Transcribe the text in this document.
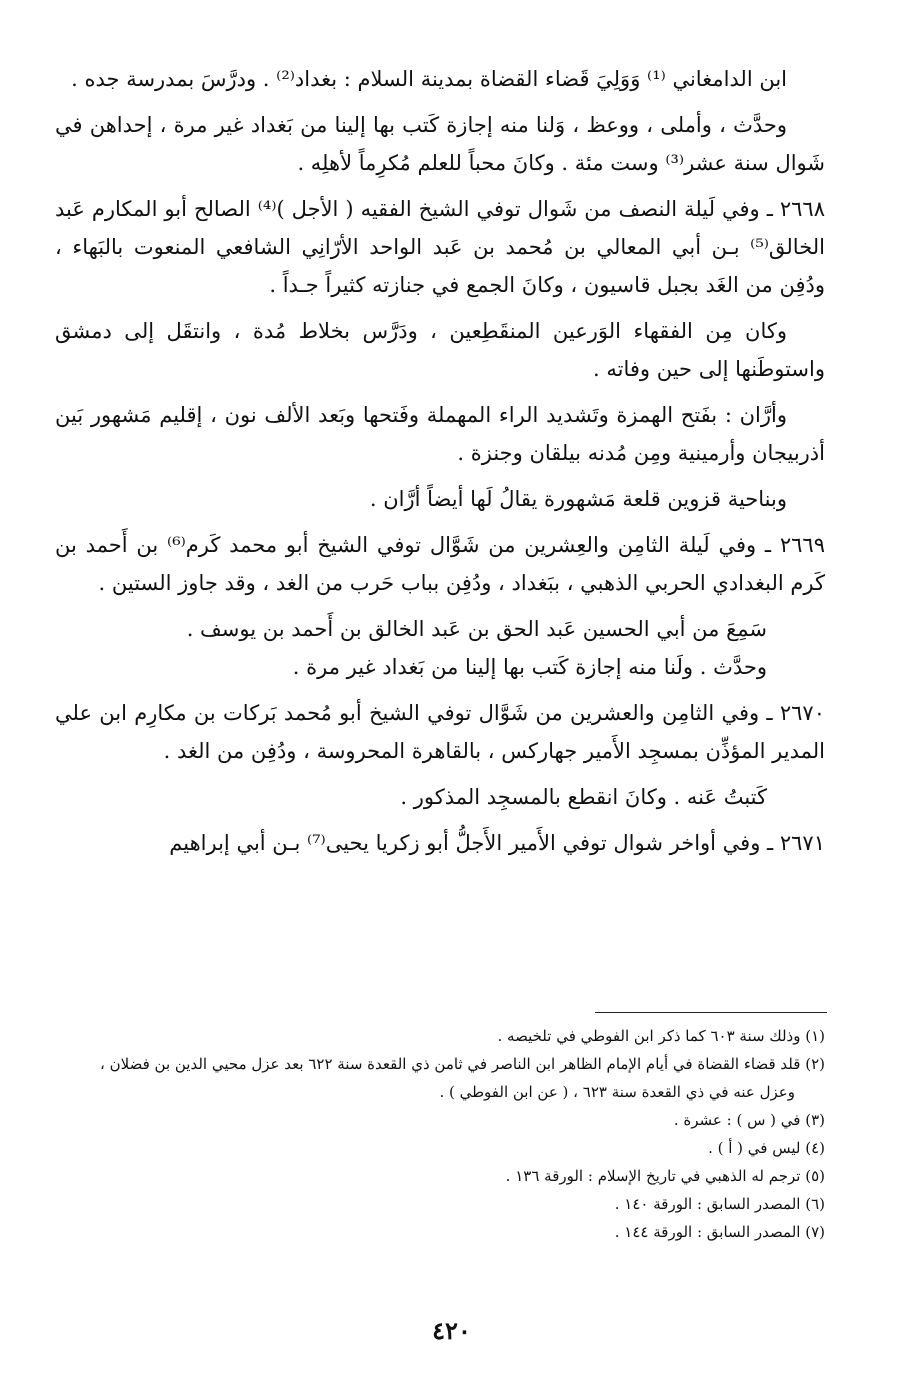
ابن الدامغاني ⁽¹⁾ وَوَلِيَ قَضاء القضاة بمدينة السلام : بغداد⁽²⁾ . ودرَّسَ بمدرسة جده .

وحدَّث ، وأملى ، ووعظ ، وَلنا منه إجازة كَتب بها إلينا من بَغداد غير مرة ، إحداهن في شَوال سنة عشر⁽³⁾ وست مئة . وكانَ محباً للعلم مُكرِماً لأهلِه .

٢٦٦٨ ـ وفي لَيلة النصف من شَوال توفي الشيخ الفقيه ( الأجل )⁽⁴⁾ الصالح أبو المكارم عَبد الخالق⁽⁵⁾ بـن أبي المعالي بن مُحمد بن عَبد الواحد الأرّانِي الشافعي المنعوت بالبَهاء ، ودُفِن من الغَد بجبل قاسيون ، وكانَ الجمع في جنازته كثيراً جـداً .

وكان مِن الفقهاء الوَرعين المنقَطِعين ، ودَرَّس بخلاط مُدة ، وانتقَل إلى دمشق واستوطَنها إلى حين وفاته .

وأرَّان : بفَتح الهمزة وتَشديد الراء المهملة وفَتحها وبَعد الألف نون ، إقليم مَشهور بَين أذربيجان وأرمينية ومِن مُدنه بيلقان وجنزة .

وبناحية قزوين قلعة مَشهورة يقالُ لَها أيضاً أرَّان .

٢٦٦٩ ـ وفي لَيلة الثامِن والعِشرين من شَوَّال توفي الشيخ أبو محمد كَرم⁽⁶⁾ بن أَحمد بن كَرم البغدادي الحربي الذهبي ، ببَغداد ، ودُفِن بباب حَرب من الغد ، وقد جاوز الستين .

سَمِعَ من أبي الحسين عَبد الحق بن عَبد الخالق بن أَحمد بن يوسف .

وحدَّث . ولَنا منه إجازة كَتب بها إلينا من بَغداد غير مرة .

٢٦٧٠ ـ وفي الثامِن والعشرين من شَوَّال توفي الشيخ أبو مُحمد بَركات بن مكارِم ابن علي المدير المؤذِّن بمسجِد الأَمير جهاركس ، بالقاهرة المحروسة ، ودُفِن من الغد .

كَتبتُ عَنه . وكانَ انقطع بالمسجِد المذكور .

٢٦٧١ ـ وفي أواخر شوال توفي الأَمير الأَجلُّ أبو زكريا يحيى⁽⁷⁾ بـن أبي إبراهيم

(١) وذلك سنة ٦٠٣ كما ذكر ابن الفوطي في تلخيصه .

(٢) قلد قضاء القضاة في أيام الإمام الظاهر ابن الناصر في ثامن ذي القعدة سنة ٦٢٢ بعد عزل محيي الدين بن فضلان ،

وعزل عنه في ذي القعدة سنة ٦٢٣ ، ( عن ابن الفوطي ) .

(٣) في ( س ) : عشرة .

(٤) ليس في ( أ ) .

(٥) ترجم له الذهبي في تاريخ الإسلام : الورقة ١٣٦ .

(٦) المصدر السابق : الورقة ١٤٠ .

(٧) المصدر السابق : الورقة ١٤٤ .

٤٢٠
